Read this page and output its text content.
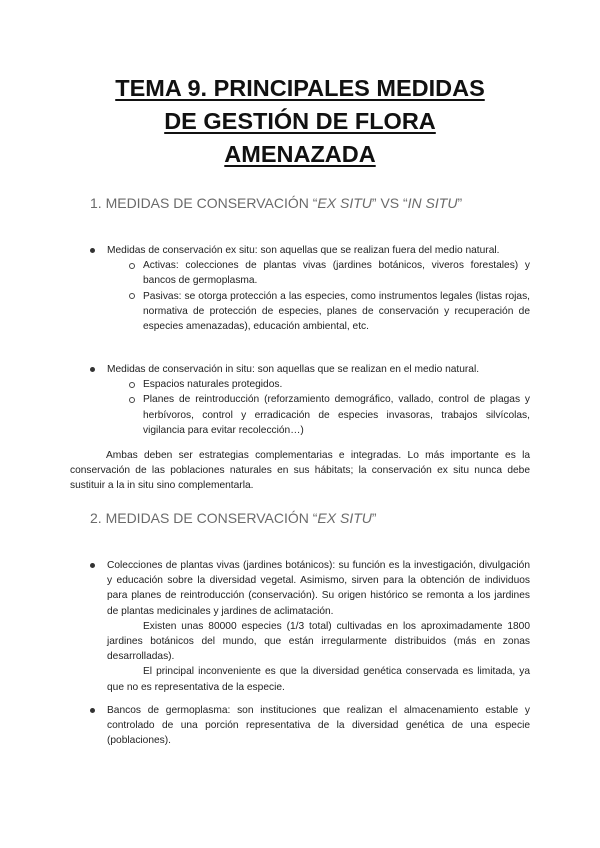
TEMA 9. PRINCIPALES MEDIDAS
DE GESTIÓN DE FLORA
AMENAZADA
1. MEDIDAS DE CONSERVACIÓN “EX SITU” VS “IN SITU”
Medidas de conservación ex situ: son aquellas que se realizan fuera del medio natural.
Activas: colecciones de plantas vivas (jardines botánicos, viveros forestales) y bancos de germoplasma.
Pasivas: se otorga protección a las especies, como instrumentos legales (listas rojas, normativa de protección de especies, planes de conservación y recuperación de especies amenazadas), educación ambiental, etc.
Medidas de conservación in situ: son aquellas que se realizan en el medio natural.
Espacios naturales protegidos.
Planes de reintroducción (reforzamiento demográfico, vallado, control de plagas y herbívoros, control y erradicación de especies invasoras, trabajos silvícolas, vigilancia para evitar recolección…)
Ambas deben ser estrategias complementarias e integradas. Lo más importante es la conservación de las poblaciones naturales en sus hábitats; la conservación ex situ nunca debe sustituir a la in situ sino complementarla.
2. MEDIDAS DE CONSERVACIÓN “EX SITU”
Colecciones de plantas vivas (jardines botánicos): su función es la investigación, divulgación y educación sobre la diversidad vegetal. Asimismo, sirven para la obtención de individuos para planes de reintroducción (conservación). Su origen histórico se remonta a los jardines de plantas medicinales y jardines de aclimatación.
Existen unas 80000 especies (1/3 total) cultivadas en los aproximadamente 1800 jardines botánicos del mundo, que están irregularmente distribuidos (más en zonas desarrolladas).
El principal inconveniente es que la diversidad genética conservada es limitada, ya que no es representativa de la especie.
Bancos de germoplasma: son instituciones que realizan el almacenamiento estable y controlado de una porción representativa de la diversidad genética de una especie (poblaciones).
